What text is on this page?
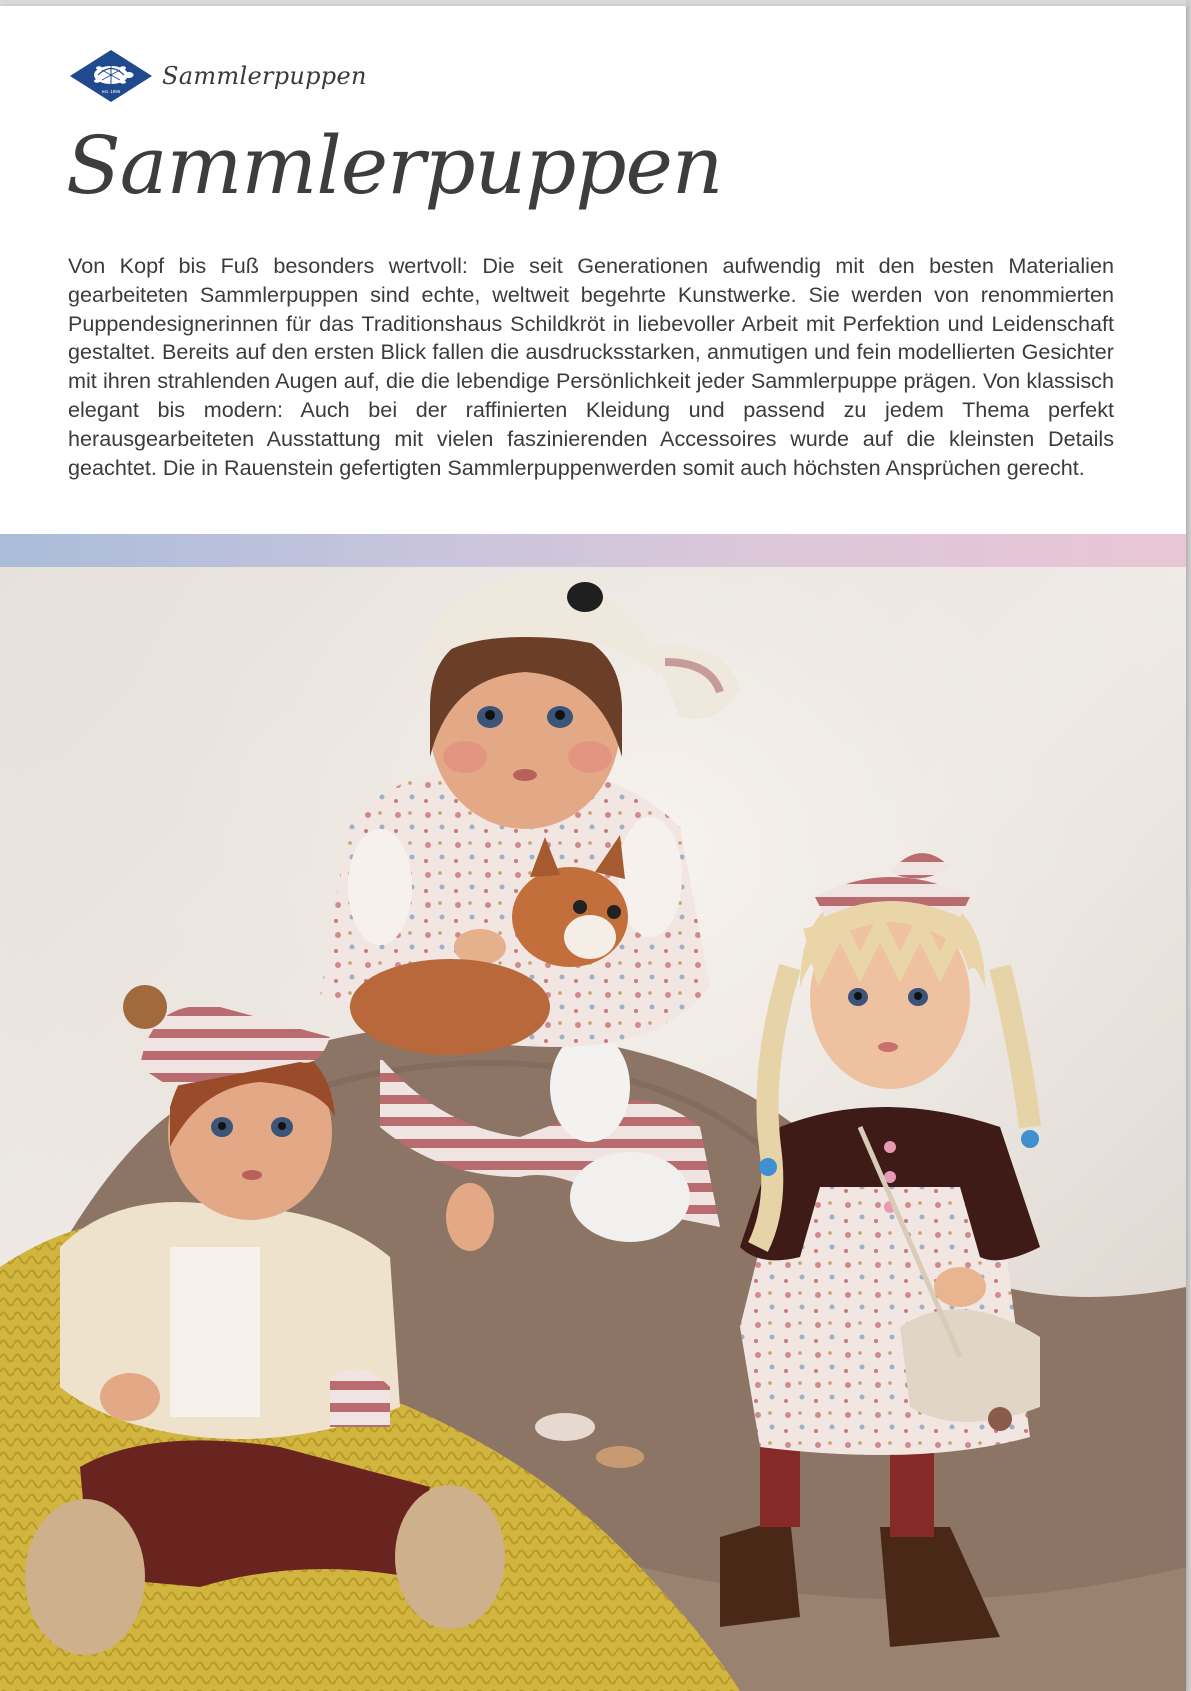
est. 1896
Sammlerpuppen
Sammlerpuppen

Von Kopf bis Fuß besonders wertvoll: Die seit Generationen aufwendig mit den besten Materialien gearbeiteten Sammlerpuppen sind echte, weltweit begehrte Kunstwerke. Sie werden von renommierten Puppendesignerinnen für das Traditionshaus Schildkröt in liebevoller Arbeit mit Perfektion und Leidenschaft gestaltet. Bereits auf den ersten Blick fallen die ausdrucksstarken, anmutigen und fein modellierten Gesichter mit ihren strahlenden Augen auf, die die lebendige Persönlichkeit jeder Sammlerpuppe prägen. Von klassisch elegant bis modern: Auch bei der raffinierten Kleidung und passend zu jedem Thema perfekt herausgearbeiteten Ausstattung mit vielen faszinierenden Accessoires wurde auf die kleinsten Details geachtet. Die in Rauenstein gefertigten Sammlerpuppenwerden somit auch höchsten Ansprüchen gerecht.
